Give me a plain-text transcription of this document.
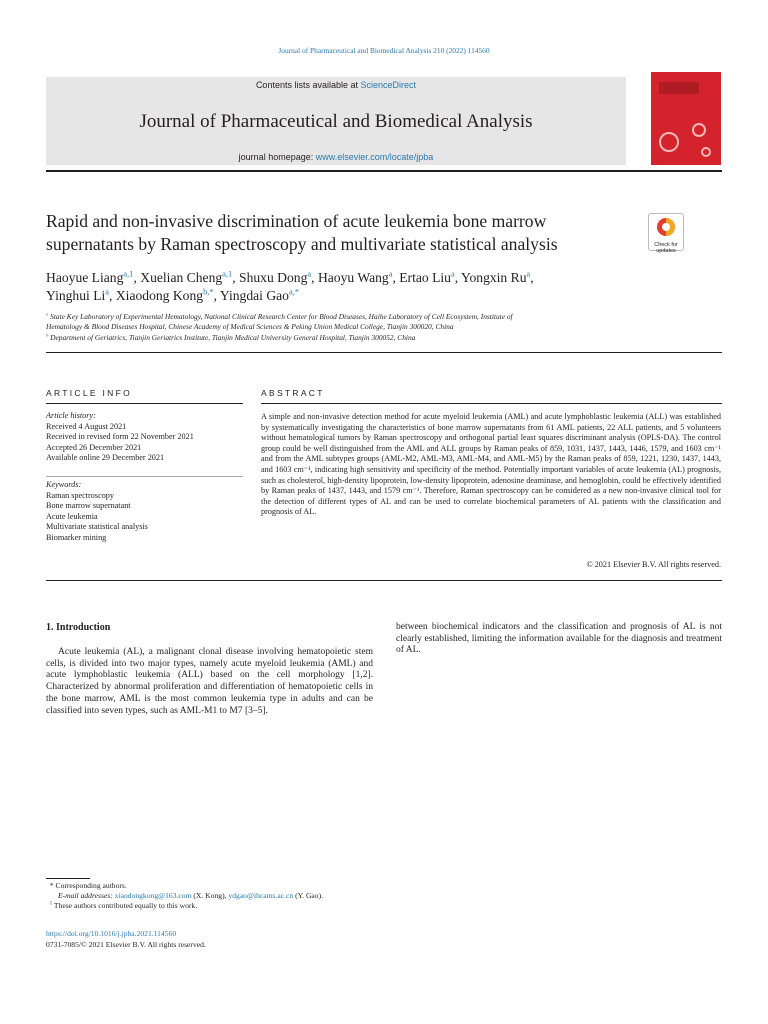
Journal of Pharmaceutical and Biomedical Analysis 210 (2022) 114560
Contents lists available at ScienceDirect
Journal of Pharmaceutical and Biomedical Analysis
journal homepage: www.elsevier.com/locate/jpba
Rapid and non-invasive discrimination of acute leukemia bone marrow
supernatants by Raman spectroscopy and multivariate statistical analysis	Check for updates
Haoyue Liang$^{a,1}$, Xuelian Cheng$^{a,1}$, Shuxu Dong$^a$, Haoyu Wang$^a$, Ertao Liu$^a$, Yongxin Ru$^a$,
Yinghui Li$^a$, Xiaodong Kong$^{b,*}$, Yingdai Gao$^{a,*}$
$^a$ State Key Laboratory of Experimental Hematology, National Clinical Research Center for Blood Diseases, Haihe Laboratory of Cell Ecosystem, Institute of
Hematology & Blood Diseases Hospital, Chinese Academy of Medical Sciences & Peking Union Medical College, Tianjin 300020, China
$^b$ Department of Geriatrics, Tianjin Geriatrics Institute, Tianjin Medical University General Hospital, Tianjin 300052, China
ARTICLE INFO	ABSTRACT
Article history:
Received 4 August 2021
Received in revised form 22 November 2021
Accepted 26 December 2021
Available online 29 December 2021
Keywords:
Raman spectroscopy
Bone marrow supernatant
Acute leukemia
Multivariate statistical analysis
Biomarker mining
A simple and non-invasive detection method for acute myeloid leukemia (AML) and acute lymphoblastic leukemia (ALL) was established by systematically investigating the characteristics of bone marrow supernatants from 61 AML patients, 22 ALL patients, and 5 volunteers without hematological tumors by Raman spectroscopy and orthogonal partial least squares discriminant analysis (OPLS-DA). The control group could be well distinguished from the AML and ALL groups by Raman peaks of 859, 1031, 1437, 1443, 1446, 1579, and 1603 cm⁻¹ and from the AML subtypes groups (AML-M2, AML-M3, AML-M4, and AML-M5) by the Raman peaks of 859, 1221, 1230, 1437, 1443, and 1603 cm⁻¹, indicating high sensitivity and specificity of the method. Potentially important variables of acute leukemia (AL) prognosis, such as cholesterol, high-density lipoprotein, low-density lipoprotein, adenosine deaminase, and hemoglobin, could be effectively identified by Raman peaks of 1437, 1443, and 1579 cm⁻¹. Therefore, Raman spectroscopy can be considered as a new non-invasive clinical tool for the detection of different types of AL and can be used to correlate biochemical parameters of AL patients with the classification and prognosis of AL.
© 2021 Elsevier B.V. All rights reserved.
1. Introduction
Acute leukemia (AL), a malignant clonal disease involving hematopoietic stem cells, is divided into two major types, namely acute myeloid leukemia (AML) and acute lymphoblastic leukemia (ALL) based on the cell morphology [1,2]. Characterized by abnormal proliferation and differentiation of hematopoietic cells in the bone marrow, AML is the most common leukemia type in adults and can be classified into seven types, such as AML-M1 to M7 [3–5].
between biochemical indicators and the classification and prognosis of AL is not clearly established, limiting the information available for the diagnosis and treatment of AL.
* Corresponding authors.
E-mail addresses: xiaodongkong@163.com (X. Kong), ydgao@ihcams.ac.cn (Y. Gao).
$^1$ These authors contributed equally to this work.
https://doi.org/10.1016/j.jpba.2021.114560
0731-7085/© 2021 Elsevier B.V. All rights reserved.
